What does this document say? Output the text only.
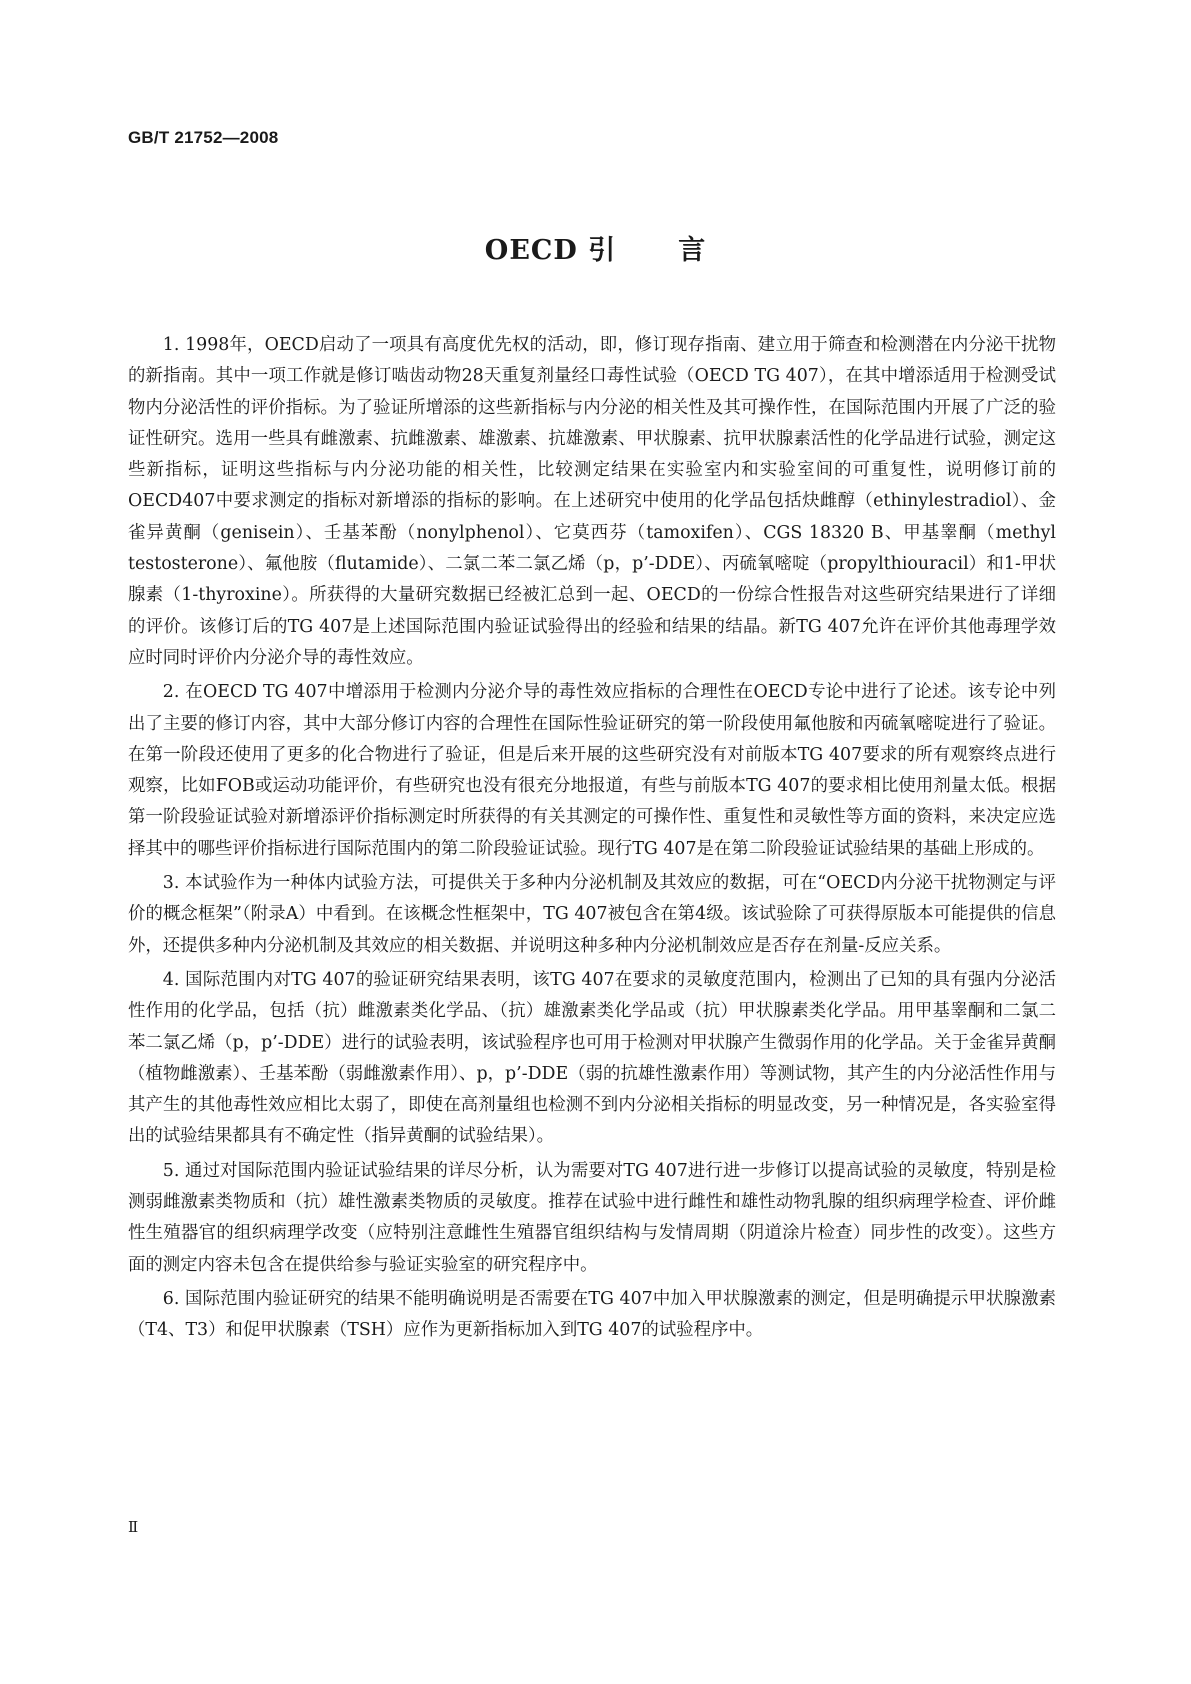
GB/T 21752—2008
OECD 引 言

1. 1998年，OECD启动了一项具有高度优先权的活动，即，修订现存指南、建立用于筛查和检测潜在内分泌干扰物的新指南。其中一项工作就是修订啮齿动物28天重复剂量经口毒性试验（OECD TG 407），在其中增添适用于检测受试物内分泌活性的评价指标。为了验证所增添的这些新指标与内分泌的相关性及其可操作性，在国际范围内开展了广泛的验证性研究。选用一些具有雌激素、抗雌激素、雄激素、抗雄激素、甲状腺素、抗甲状腺素活性的化学品进行试验，测定这些新指标，证明这些指标与内分泌功能的相关性，比较测定结果在实验室内和实验室间的可重复性，说明修订前的OECD407中要求测定的指标对新增添的指标的影响。在上述研究中使用的化学品包括炔雌醇（ethinylestradiol）、金雀异黄酮（genisein）、壬基苯酚（nonylphenol）、它莫西芬（tamoxifen）、CGS 18320 B、甲基睾酮（methyl testosterone）、氟他胺（flutamide）、二氯二苯二氯乙烯（p，p’-DDE）、丙硫氧嘧啶（propylthiouracil）和1-甲状腺素（1-thyroxine）。所获得的大量研究数据已经被汇总到一起、OECD的一份综合性报告对这些研究结果进行了详细的评价。该修订后的TG 407是上述国际范围内验证试验得出的经验和结果的结晶。新TG 407允许在评价其他毒理学效应时同时评价内分泌介导的毒性效应。

2. 在OECD TG 407中增添用于检测内分泌介导的毒性效应指标的合理性在OECD专论中进行了论述。该专论中列出了主要的修订内容，其中大部分修订内容的合理性在国际性验证研究的第一阶段使用氟他胺和丙硫氧嘧啶进行了验证。在第一阶段还使用了更多的化合物进行了验证，但是后来开展的这些研究没有对前版本TG 407要求的所有观察终点进行观察，比如FOB或运动功能评价，有些研究也没有很充分地报道，有些与前版本TG 407的要求相比使用剂量太低。根据第一阶段验证试验对新增添评价指标测定时所获得的有关其测定的可操作性、重复性和灵敏性等方面的资料，来决定应选择其中的哪些评价指标进行国际范围内的第二阶段验证试验。现行TG 407是在第二阶段验证试验结果的基础上形成的。

3. 本试验作为一种体内试验方法，可提供关于多种内分泌机制及其效应的数据，可在“OECD内分泌干扰物测定与评价的概念框架”（附录A）中看到。在该概念性框架中，TG 407被包含在第4级。该试验除了可获得原版本可能提供的信息外，还提供多种内分泌机制及其效应的相关数据、并说明这种多种内分泌机制效应是否存在剂量-反应关系。

4. 国际范围内对TG 407的验证研究结果表明，该TG 407在要求的灵敏度范围内，检测出了已知的具有强内分泌活性作用的化学品，包括（抗）雌激素类化学品、（抗）雄激素类化学品或（抗）甲状腺素类化学品。用甲基睾酮和二氯二苯二氯乙烯（p，p’-DDE）进行的试验表明，该试验程序也可用于检测对甲状腺产生微弱作用的化学品。关于金雀异黄酮（植物雌激素）、壬基苯酚（弱雌激素作用）、p，p’-DDE（弱的抗雄性激素作用）等测试物，其产生的内分泌活性作用与其产生的其他毒性效应相比太弱了，即使在高剂量组也检测不到内分泌相关指标的明显改变，另一种情况是，各实验室得出的试验结果都具有不确定性（指异黄酮的试验结果）。

5. 通过对国际范围内验证试验结果的详尽分析，认为需要对TG 407进行进一步修订以提高试验的灵敏度，特别是检测弱雌激素类物质和（抗）雄性激素类物质的灵敏度。推荐在试验中进行雌性和雄性动物乳腺的组织病理学检查、评价雌性生殖器官的组织病理学改变（应特别注意雌性生殖器官组织结构与发情周期（阴道涂片检查）同步性的改变）。这些方面的测定内容未包含在提供给参与验证实验室的研究程序中。

6. 国际范围内验证研究的结果不能明确说明是否需要在TG 407中加入甲状腺激素的测定，但是明确提示甲状腺激素（T4、T3）和促甲状腺素（TSH）应作为更新指标加入到TG 407的试验程序中。

Ⅱ
